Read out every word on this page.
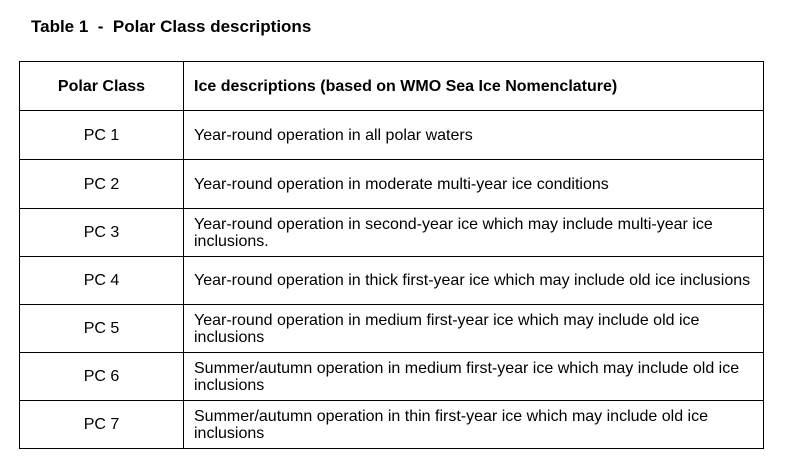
Table 1  -  Polar Class descriptions
Polar Class	Ice descriptions (based on WMO Sea Ice Nomenclature)
PC 1	Year-round operation in all polar waters
PC 2	Year-round operation in moderate multi-year ice conditions
PC 3	Year-round operation in second-year ice which may include multi-year ice inclusions.
PC 4	Year-round operation in thick first-year ice which may include old ice inclusions
PC 5	Year-round operation in medium first-year ice which may include old ice inclusions
PC 6	Summer/autumn operation in medium first-year ice which may include old ice inclusions
PC 7	Summer/autumn operation in thin first-year ice which may include old ice inclusions
